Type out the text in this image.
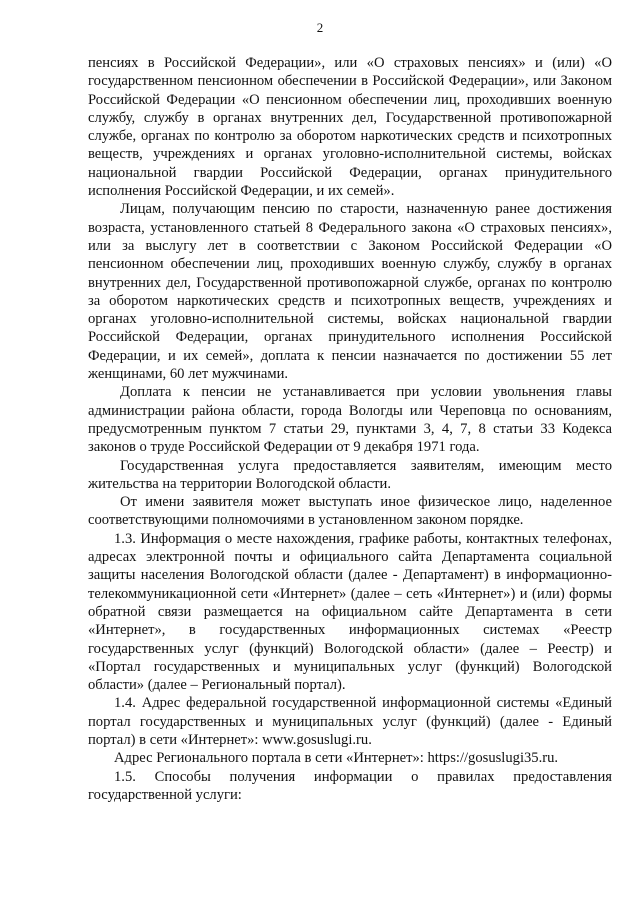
2

пенсиях в Российской Федерации», или «О страховых пенсиях» и (или) «О государственном пенсионном обеспечении в Российской Федерации», или Законом Российской Федерации «О пенсионном обеспечении лиц, проходивших военную службу, службу в органах внутренних дел, Государственной противопожарной службе, органах по контролю за оборотом наркотических средств и психотропных веществ, учреждениях и органах уголовно-исполнительной системы, войсках национальной гвардии Российской Федерации, органах принудительного исполнения Российской Федерации, и их семей».

Лицам, получающим пенсию по старости, назначенную ранее достижения возраста, установленного статьей 8 Федерального закона «О страховых пенсиях», или за выслугу лет в соответствии с Законом Российской Федерации «О пенсионном обеспечении лиц, проходивших военную службу, службу в органах внутренних дел, Государственной противопожарной службе, органах по контролю за оборотом наркотических средств и психотропных веществ, учреждениях и органах уголовно-исполнительной системы, войсках национальной гвардии Российской Федерации, органах принудительного исполнения Российской Федерации, и их семей», доплата к пенсии назначается по достижении 55 лет женщинами, 60 лет мужчинами.

Доплата к пенсии не устанавливается при условии увольнения главы администрации района области, города Вологды или Череповца по основаниям, предусмотренным пунктом 7 статьи 29, пунктами 3, 4, 7, 8 статьи 33 Кодекса законов о труде Российской Федерации от 9 декабря 1971 года.

Государственная услуга предоставляется заявителям, имеющим место жительства на территории Вологодской области.

От имени заявителя может выступать иное физическое лицо, наделенное соответствующими полномочиями в установленном законом порядке.

1.3. Информация о месте нахождения, графике работы, контактных телефонах, адресах электронной почты и официального сайта Департамента социальной защиты населения Вологодской области (далее - Департамент) в информационно-телекоммуникационной сети «Интернет» (далее – сеть «Интернет») и (или) формы обратной связи размещается на официальном сайте Департамента в сети «Интернет», в государственных информационных системах «Реестр государственных услуг (функций) Вологодской области» (далее – Реестр) и «Портал государственных и муниципальных услуг (функций) Вологодской области» (далее – Региональный портал).

1.4. Адрес федеральной государственной информационной системы «Единый портал государственных и муниципальных услуг (функций) (далее - Единый портал) в сети «Интернет»: www.gosuslugi.ru.

Адрес Регионального портала в сети «Интернет»: https://gosuslugi35.ru.

1.5. Способы получения информации о правилах предоставления государственной услуги:
